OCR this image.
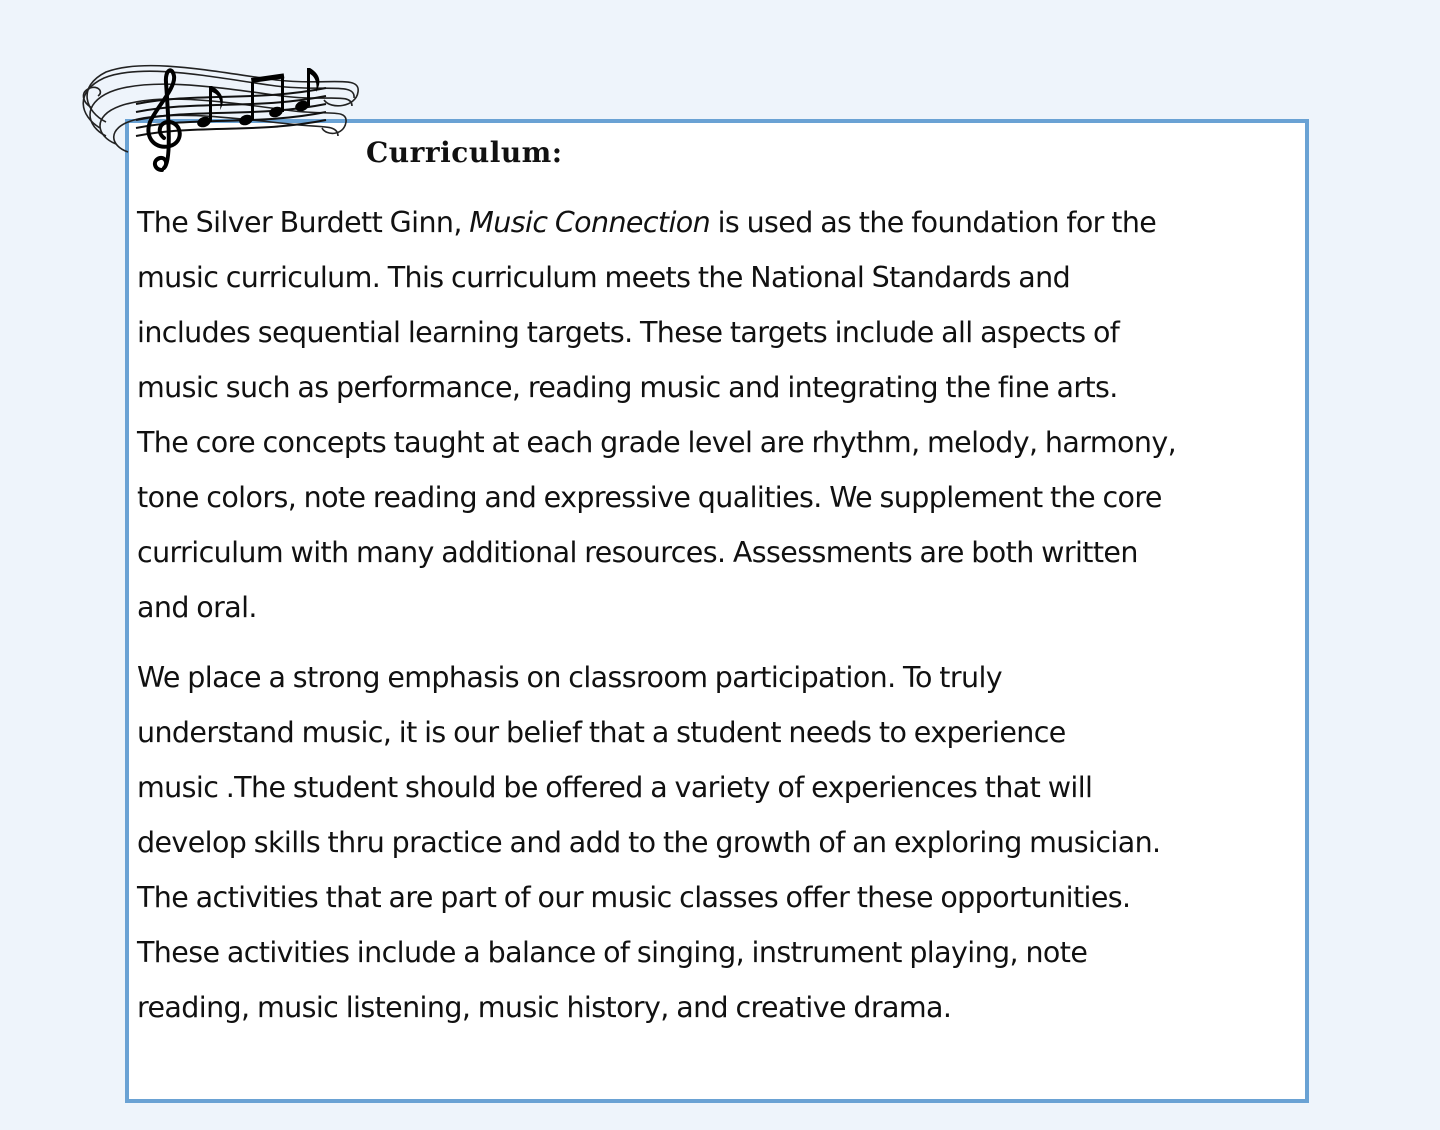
Curriculum:

The Silver Burdett Ginn, Music Connection is used as the foundation for the
music curriculum. This curriculum meets the National Standards and
includes sequential learning targets. These targets include all aspects of
music such as performance, reading music and integrating the fine arts.
The core concepts taught at each grade level are rhythm, melody, harmony,
tone colors, note reading and expressive qualities. We supplement the core
curriculum with many additional resources. Assessments are both written
and oral.

We place a strong emphasis on classroom participation. To truly
understand music, it is our belief that a student needs to experience
music .The student should be offered a variety of experiences that will
develop skills thru practice and add to the growth of an exploring musician.
The activities that are part of our music classes offer these opportunities.
These activities include a balance of singing, instrument playing, note
reading, music listening, music history, and creative drama.
